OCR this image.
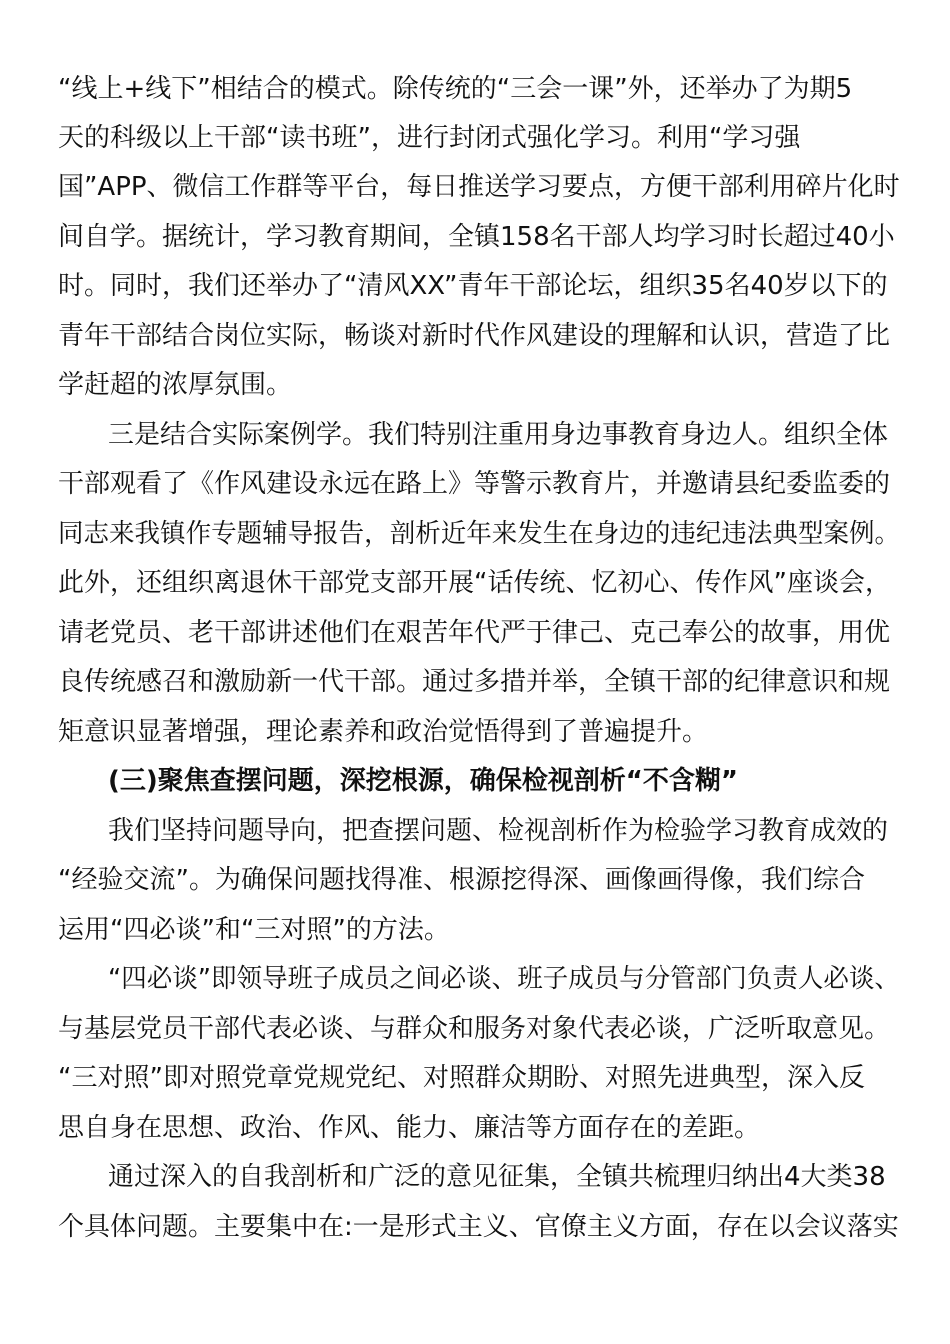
“线上+线下”相结合的模式。除传统的“三会一课”外，还举办了为期5
天的科级以上干部“读书班”，进行封闭式强化学习。利用“学习强
国”APP、微信工作群等平台，每日推送学习要点，方便干部利用碎片化时
间自学。据统计，学习教育期间，全镇158名干部人均学习时长超过40小
时。同时，我们还举办了“清风XX”青年干部论坛，组织35名40岁以下的
青年干部结合岗位实际，畅谈对新时代作风建设的理解和认识，营造了比
学赶超的浓厚氛围。
三是结合实际案例学。我们特别注重用身边事教育身边人。组织全体
干部观看了《作风建设永远在路上》等警示教育片，并邀请县纪委监委的
同志来我镇作专题辅导报告，剖析近年来发生在身边的违纪违法典型案例。
此外，还组织离退休干部党支部开展“话传统、忆初心、传作风”座谈会，
请老党员、老干部讲述他们在艰苦年代严于律己、克己奉公的故事，用优
良传统感召和激励新一代干部。通过多措并举，全镇干部的纪律意识和规
矩意识显著增强，理论素养和政治觉悟得到了普遍提升。
(三)聚焦查摆问题，深挖根源，确保检视剖析“不含糊”
我们坚持问题导向，把查摆问题、检视剖析作为检验学习教育成效的
“经验交流”。为确保问题找得准、根源挖得深、画像画得像，我们综合
运用“四必谈”和“三对照”的方法。
“四必谈”即领导班子成员之间必谈、班子成员与分管部门负责人必谈、
与基层党员干部代表必谈、与群众和服务对象代表必谈，广泛听取意见。
“三对照”即对照党章党规党纪、对照群众期盼、对照先进典型，深入反
思自身在思想、政治、作风、能力、廉洁等方面存在的差距。
通过深入的自我剖析和广泛的意见征集，全镇共梳理归纳出4大类38
个具体问题。主要集中在:一是形式主义、官僚主义方面，存在以会议落实
